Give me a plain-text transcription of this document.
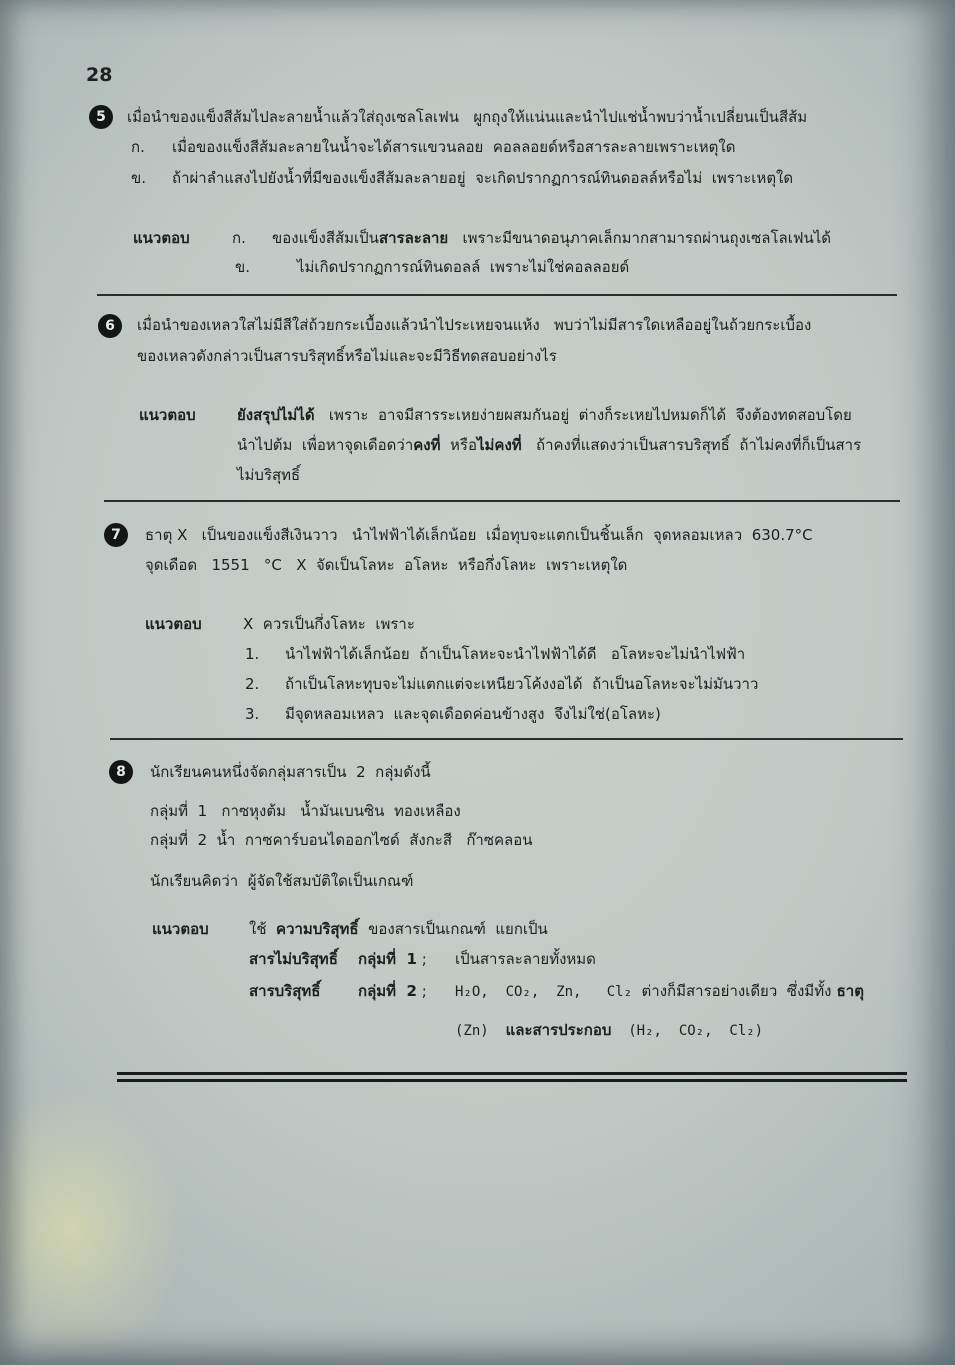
28
5	เมื่อนำของแข็งสีส้มไปละลายน้ำแล้วใส่ถุงเซลโลเฟน   ผูกถุงให้แน่นและนำไปแช่น้ำพบว่าน้ำเปลี่ยนเป็นสีส้ม
ก. เมื่อของแข็งสีส้มละลายในน้ำจะได้สารแขวนลอย  คอลลอยด์หรือสารละลายเพราะเหตุใด
ข. ถ้าผ่าลำแสงไปยังน้ำที่มีของแข็งสีส้มละลายอยู่  จะเกิดปรากฏการณ์ทินดอลล์หรือไม่  เพราะเหตุใด
แนวตอบ	ก. ของแข็งสีส้มเป็นสารละลาย   เพราะมีขนาดอนุภาคเล็กมากสามารถผ่านถุงเซลโลเฟนได้
ข.	ไม่เกิดปรากฏการณ์ทินดอลล์  เพราะไม่ใช่คอลลอยด์
6	เมื่อนำของเหลวใสไม่มีสีใส่ถ้วยกระเบื้องแล้วนำไประเหยจนแห้ง   พบว่าไม่มีสารใดเหลืออยู่ในถ้วยกระเบื้อง
ของเหลวดังกล่าวเป็นสารบริสุทธิ์หรือไม่และจะมีวิธีทดสอบอย่างไร
แนวตอบ	ยังสรุปไม่ได้   เพราะ  อาจมีสารระเหยง่ายผสมกันอยู่  ต่างก็ระเหยไปหมดก็ได้  จึงต้องทดสอบโดย
นำไปต้ม  เพื่อหาจุดเดือดว่าคงที่  หรือไม่คงที่   ถ้าคงที่แสดงว่าเป็นสารบริสุทธิ์  ถ้าไม่คงที่ก็เป็นสาร
ไม่บริสุทธิ์
7	ธาตุ X   เป็นของแข็งสีเงินวาว   นำไฟฟ้าได้เล็กน้อย  เมื่อทุบจะแตกเป็นชิ้นเล็ก  จุดหลอมเหลว  630.7°C
จุดเดือด   1551   °C   X  จัดเป็นโลหะ  อโลหะ  หรือกึ่งโลหะ  เพราะเหตุใด
แนวตอบ	X  ควรเป็นกึ่งโลหะ  เพราะ
1. นำไฟฟ้าได้เล็กน้อย  ถ้าเป็นโลหะจะนำไฟฟ้าได้ดี   อโลหะจะไม่นำไฟฟ้า
2. ถ้าเป็นโลหะทุบจะไม่แตกแต่จะเหนียวโค้งงอได้  ถ้าเป็นอโลหะจะไม่มันวาว
3. มีจุดหลอมเหลว  และจุดเดือดค่อนข้างสูง  จึงไม่ใช่(อโลหะ)
8	นักเรียนคนหนึ่งจัดกลุ่มสารเป็น  2  กลุ่มดังนี้
กลุ่มที่  1   กาซหุงต้ม   น้ำมันเบนซิน  ทองเหลือง
กลุ่มที่  2  น้ำ  กาซคาร์บอนไดออกไซด์  สังกะสี   ก๊าซคลอน
นักเรียนคิดว่า  ผู้จัดใช้สมบัติใดเป็นเกณฑ์
แนวตอบ	ใช้  ความบริสุทธิ์  ของสารเป็นเกณฑ์  แยกเป็น
สารไม่บริสุทธิ์ กลุ่มที่  1 ; เป็นสารละลายทั้งหมด
สารบริสุทธิ์	กลุ่มที่  2 ; H₂O,  CO₂,  Zn,   Cl₂  ต่างก็มีสารอย่างเดียว  ซึ่งมีทั้ง ธาตุ
(Zn)  และสารประกอบ  (H₂,  CO₂,  Cl₂)
